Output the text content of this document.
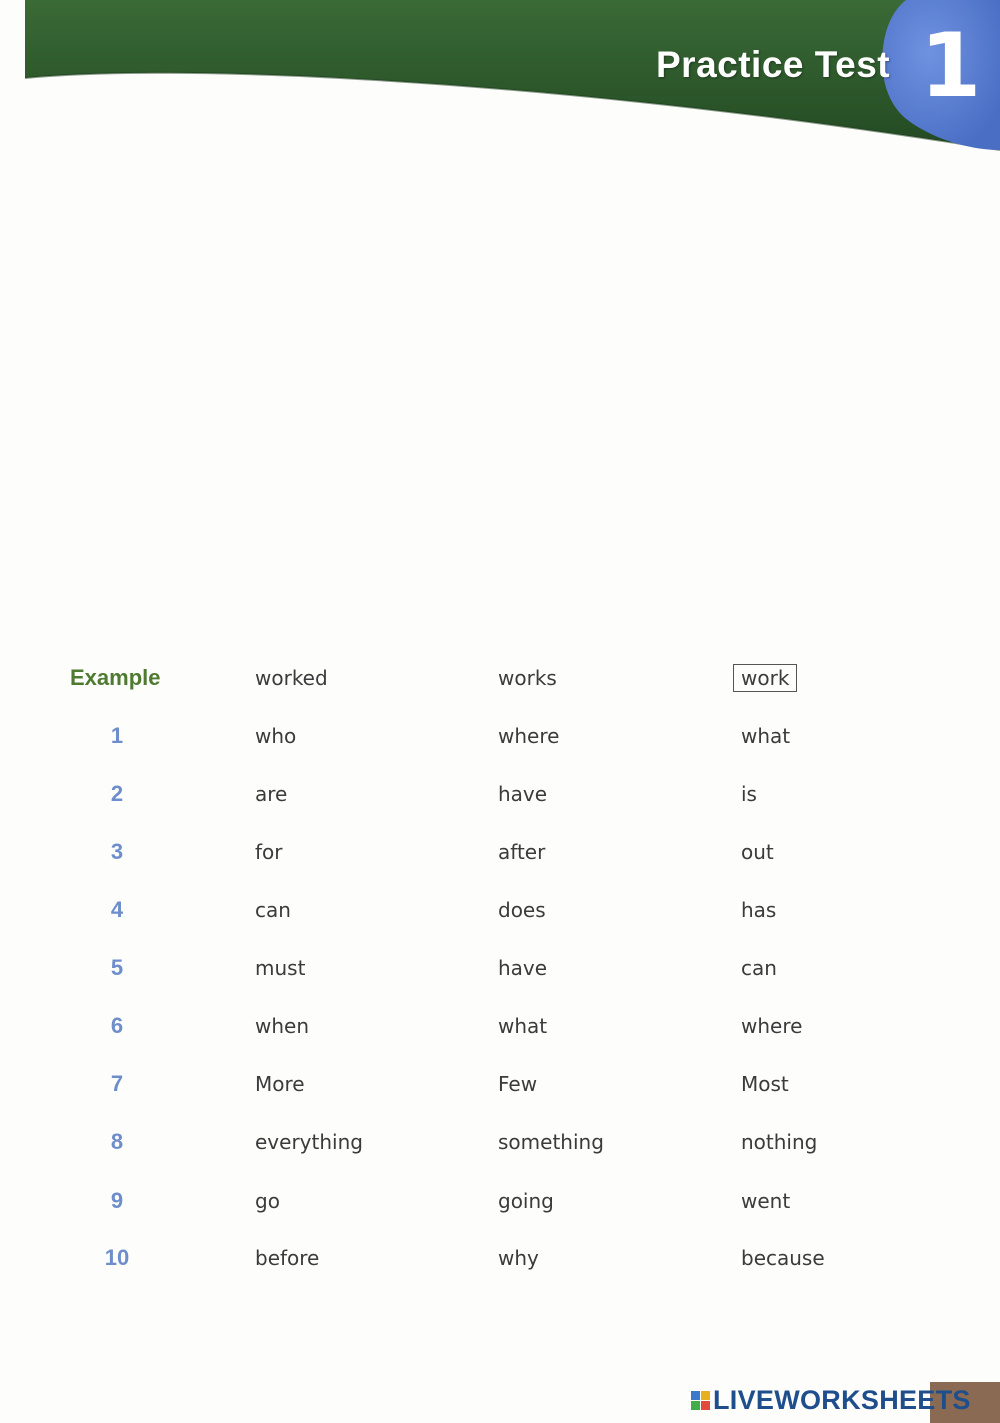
Practice Test 1
Example	worked	works	work
1	who	where	what
2	are	have	is
3	for	after	out
4	can	does	has
5	must	have	can
6	when	what	where
7	More	Few	Most
8	everything	something	nothing
9	go	going	went
10	before	why	because
LIVEWORKSHEETS
